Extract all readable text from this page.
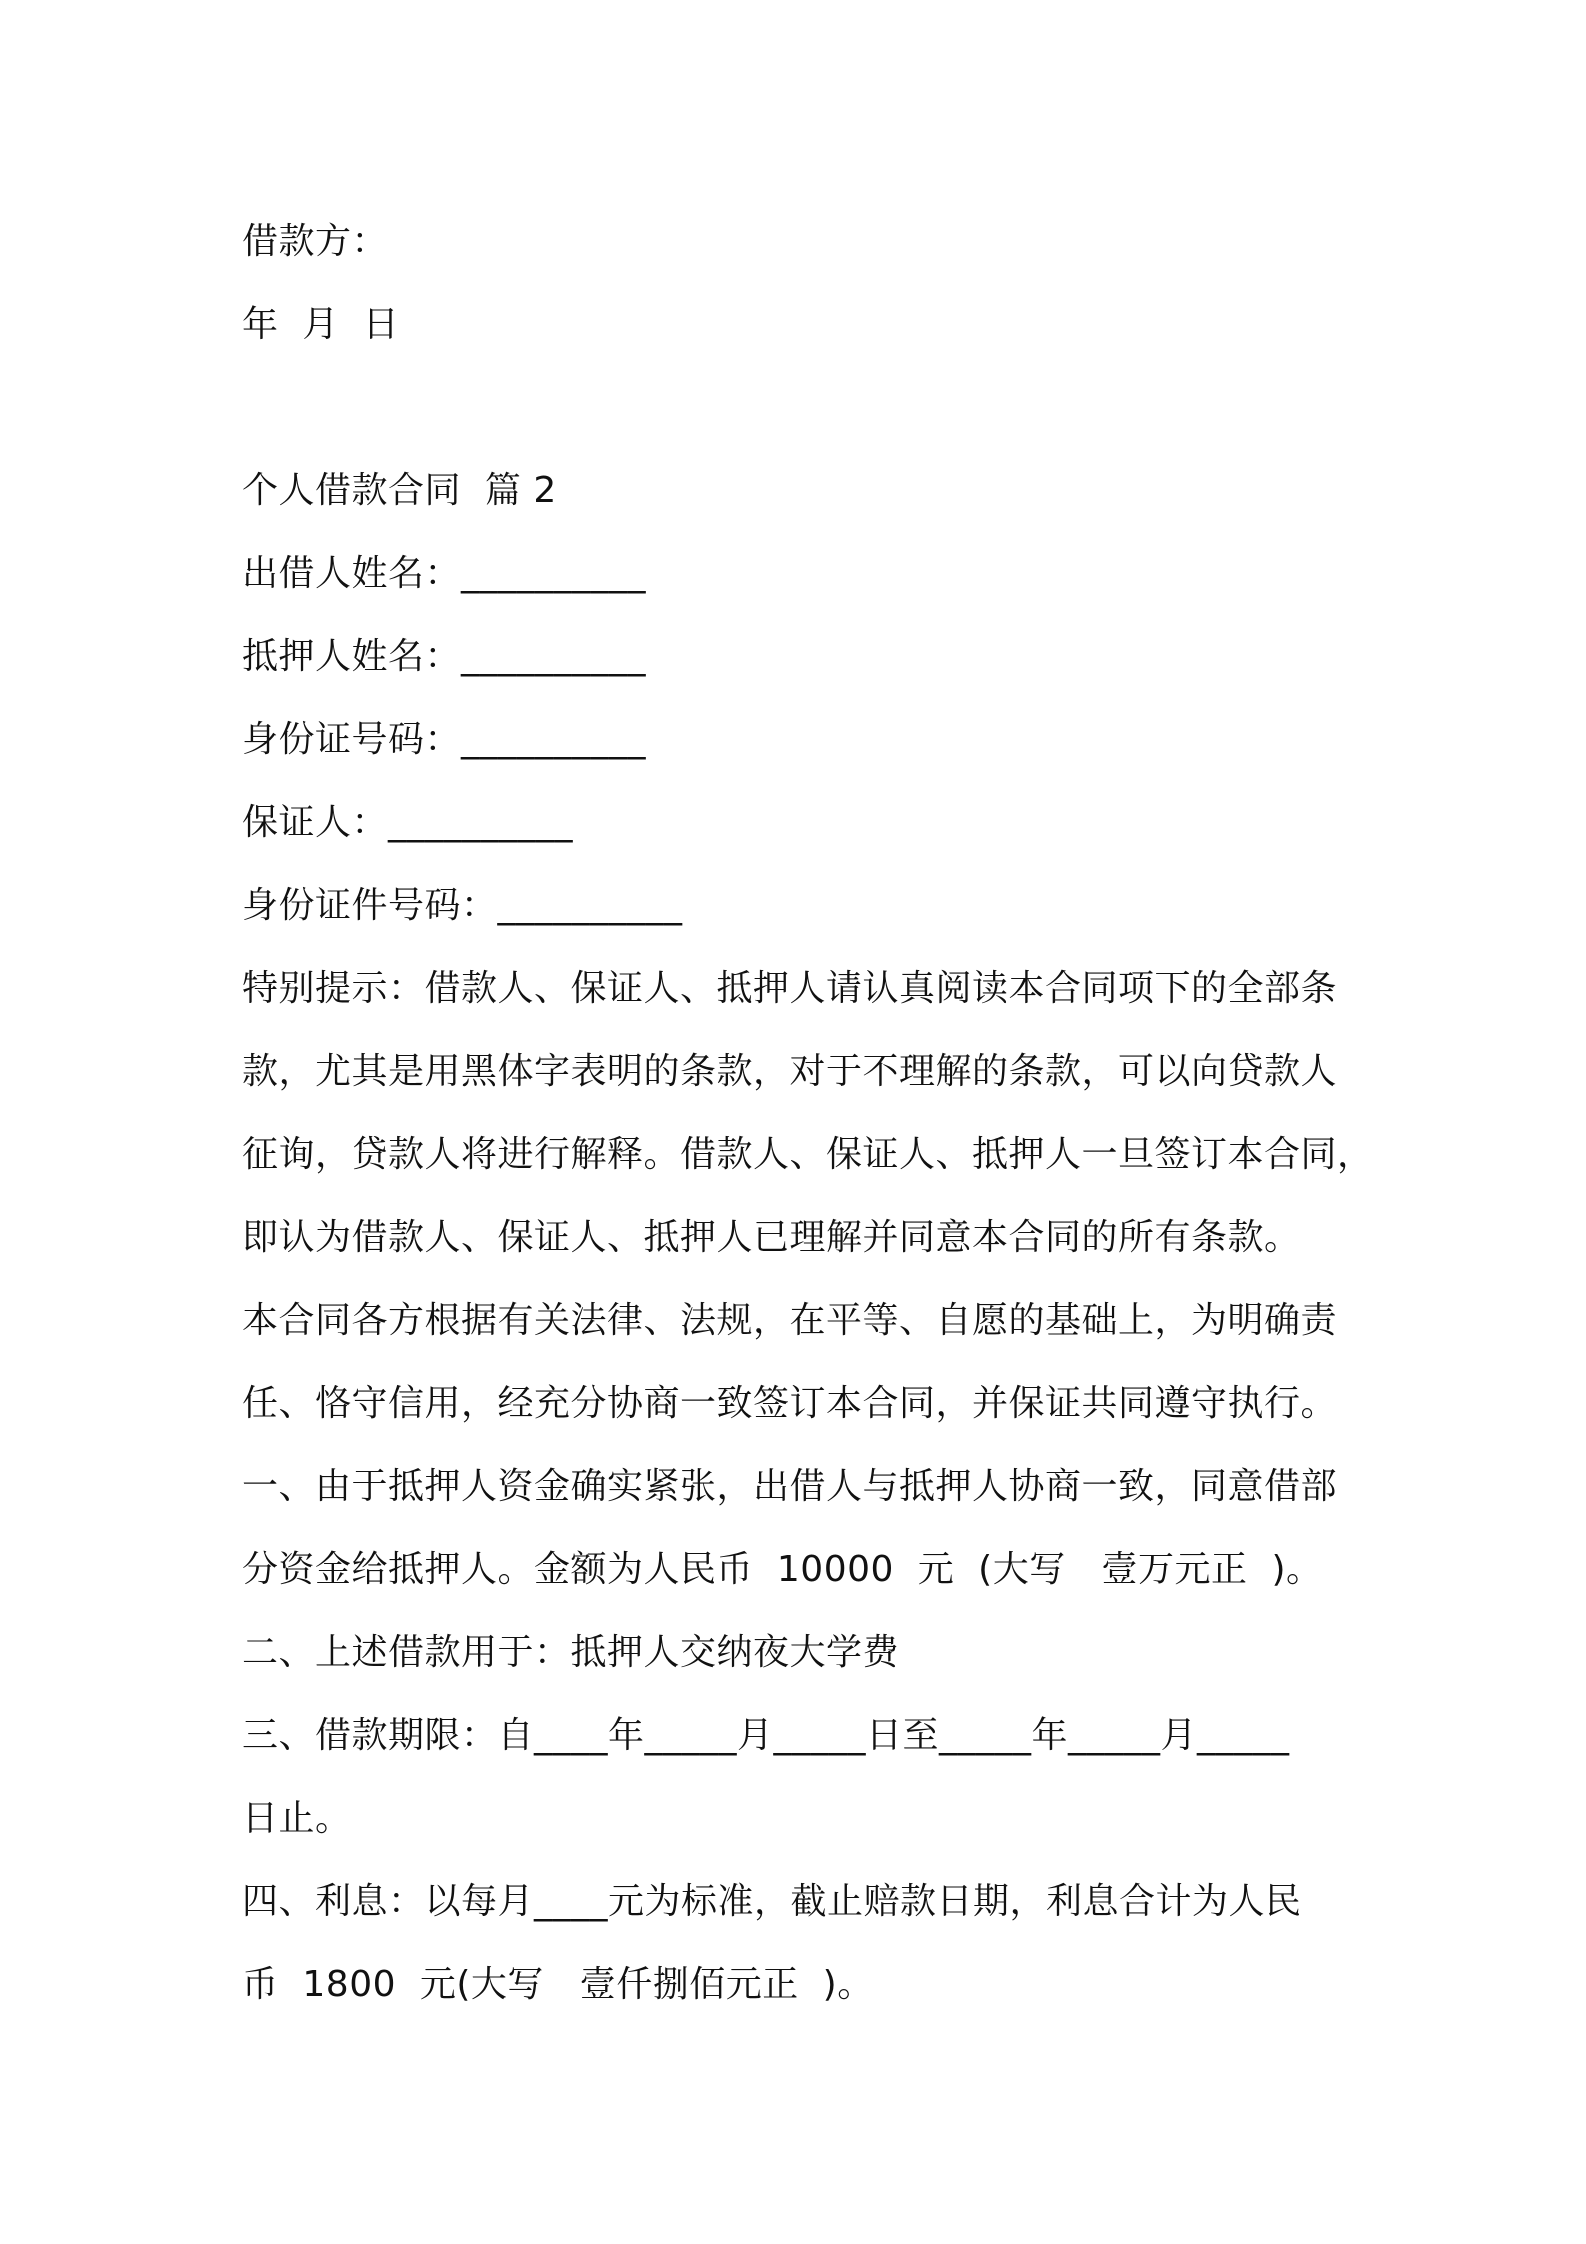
借款方：
年  月  日
个人借款合同  篇 2
出借人姓名：__________
抵押人姓名：__________
身份证号码：__________
保证人：__________
身份证件号码：__________
特别提示：借款人、保证人、抵押人请认真阅读本合同项下的全部条
款，尤其是用黑体字表明的条款，对于不理解的条款，可以向贷款人
征询，贷款人将进行解释。借款人、保证人、抵押人一旦签订本合同，
即认为借款人、保证人、抵押人已理解并同意本合同的所有条款。
本合同各方根据有关法律、法规，在平等、自愿的基础上，为明确责
任、恪守信用，经充分协商一致签订本合同，并保证共同遵守执行。
一、由于抵押人资金确实紧张，出借人与抵押人协商一致，同意借部
分资金给抵押人。金额为人民币  10000  元  (大写   壹万元正  )。
二、上述借款用于：抵押人交纳夜大学费
三、借款期限：自____年_____月_____日至_____年_____月_____
日止。
四、利息：以每月____元为标准，截止赔款日期，利息合计为人民
币  1800  元(大写   壹仟捌佰元正  )。
